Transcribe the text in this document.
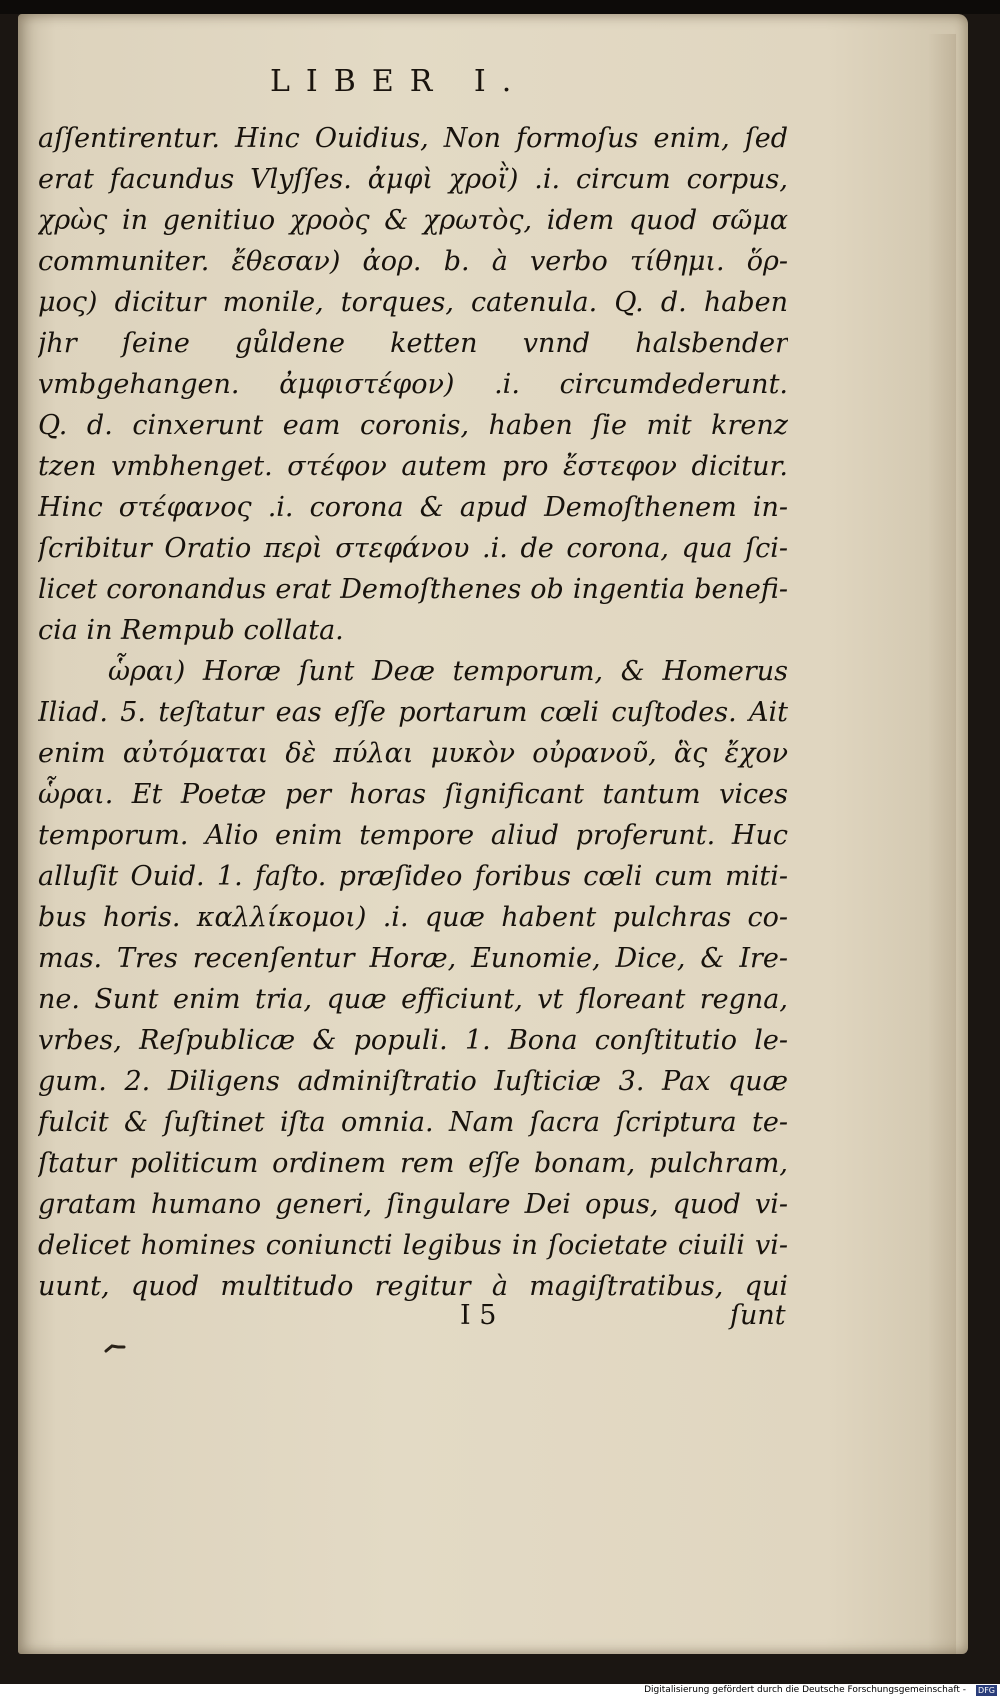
LIBER I.
aſſentirentur. Hinc Ouidius, Non formoſus enim, ſed
erat facundus Vlyſſes. ἀμφὶ χροῒ) .i. circum corpus,
χρὼς in genitiuo χροὸς & χρωτὸς, idem quod σῶμα
communiter. ἔθεσαν) ἀορ. b. à verbo τίθημι. ὅρ-
μος) dicitur monile, torques, catenula. Q. d. haben
jhr ſeine gůldene ketten vnnd halsbender
vmbgehangen. ἀμφιστέφον) .i. circumdederunt.
Q. d. cinxerunt eam coronis, haben ſie mit krenz
tzen vmbhenget. στέφον autem pro ἔστεφον dicitur.
Hinc στέφανος .i. corona & apud Demoſthenem in-
ſcribitur Oratio περὶ στεφάνου .i. de corona, qua ſci-
licet coronandus erat Demoſthenes ob ingentia benefi-
cia in Rempub collata.
ὧραι) Horæ ſunt Deæ temporum, & Homerus
Iliad. 5. teſtatur eas eſſe portarum cœli cuſtodes. Ait
enim αὐτόμαται δὲ πύλαι μυκὸν οὐρανοῦ, ἃς ἔχον
ὧραι. Et Poetæ per horas ſignificant tantum vices
temporum. Alio enim tempore aliud proferunt. Huc
alluſit Ouid. 1. faſto. præſideo foribus cœli cum miti-
bus horis. καλλίκομοι) .i. quæ habent pulchras co-
mas. Tres recenſentur Horæ, Eunomie, Dice, & Ire-
ne. Sunt enim tria, quæ efficiunt, vt floreant regna,
vrbes, Reſpublicæ & populi. 1. Bona conſtitutio le-
gum. 2. Diligens adminiſtratio Iuſticiæ 3. Pax quæ
fulcit & ſuſtinet iſta omnia. Nam ſacra ſcriptura te-
ſtatur politicum ordinem rem eſſe bonam, pulchram,
gratam humano generi, ſingulare Dei opus, quod vi-
delicet homines coniuncti legibus in ſocietate ciuili vi-
uunt, quod multitudo regitur à magiſtratibus, qui
I 5	ſunt
Digitalisierung gefördert durch die Deutsche Forschungsgemeinschaft - DFG
